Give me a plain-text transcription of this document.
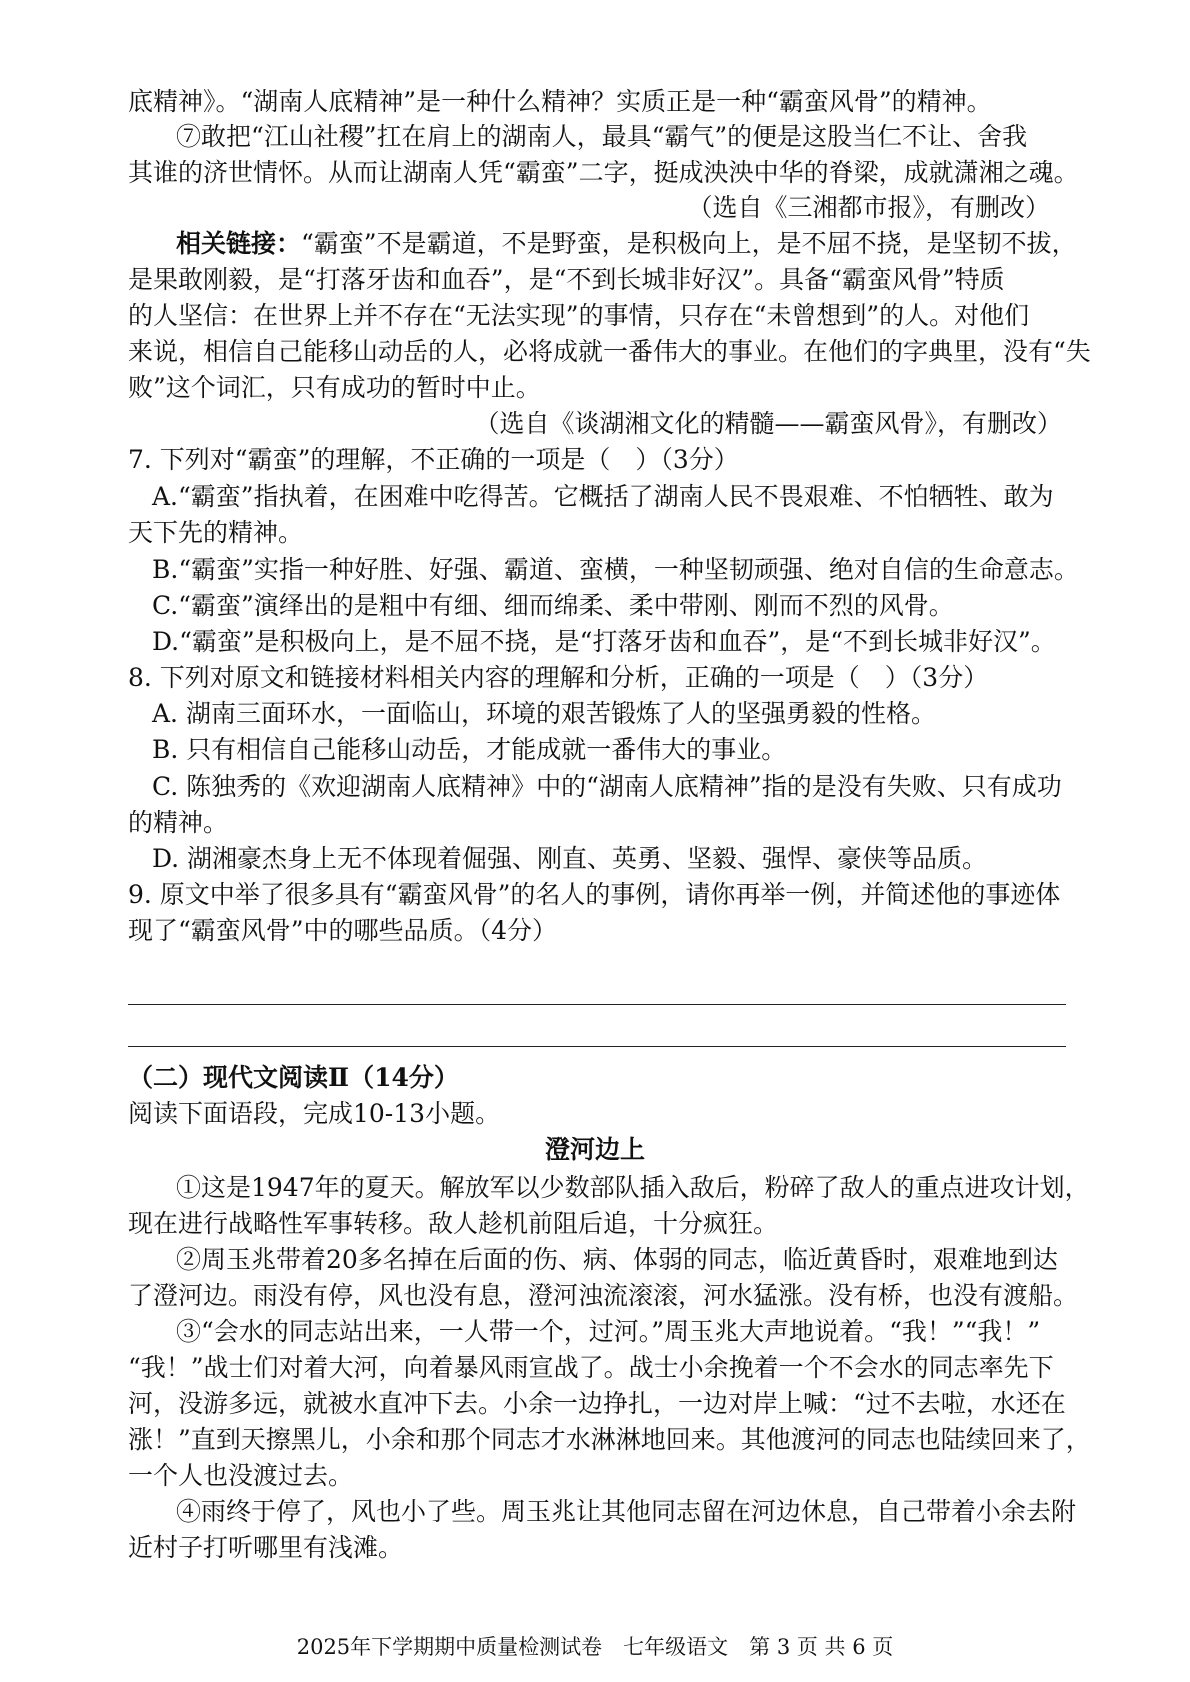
底精神》。“湖南人底精神”是一种什么精神？实质正是一种“霸蛮风骨”的精神。
⑦敢把“江山社稷”扛在肩上的湖南人，最具“霸气”的便是这股当仁不让、舍我
其谁的济世情怀。从而让湖南人凭“霸蛮”二字，挺成泱泱中华的脊梁，成就潇湘之魂。
（选自《三湘都市报》，有删改）
相关链接：“霸蛮”不是霸道，不是野蛮，是积极向上，是不屈不挠，是坚韧不拔，
是果敢刚毅，是“打落牙齿和血吞”，是“不到长城非好汉”。具备“霸蛮风骨”特质
的人坚信：在世界上并不存在“无法实现”的事情，只存在“未曾想到”的人。对他们
来说，相信自己能移山动岳的人，必将成就一番伟大的事业。在他们的字典里，没有“失
败”这个词汇，只有成功的暂时中止。
（选自《谈湖湘文化的精髓——霸蛮风骨》，有删改）
7. 下列对“霸蛮”的理解，不正确的一项是（　）（3分）
A.“霸蛮”指执着，在困难中吃得苦。它概括了湖南人民不畏艰难、不怕牺牲、敢为
天下先的精神。
B.“霸蛮”实指一种好胜、好强、霸道、蛮横，一种坚韧顽强、绝对自信的生命意志。
C.“霸蛮”演绎出的是粗中有细、细而绵柔、柔中带刚、刚而不烈的风骨。
D.“霸蛮”是积极向上，是不屈不挠，是“打落牙齿和血吞”，是“不到长城非好汉”。
8. 下列对原文和链接材料相关内容的理解和分析，正确的一项是（　）（3分）
A. 湖南三面环水，一面临山，环境的艰苦锻炼了人的坚强勇毅的性格。
B. 只有相信自己能移山动岳，才能成就一番伟大的事业。
C. 陈独秀的《欢迎湖南人底精神》中的“湖南人底精神”指的是没有失败、只有成功
的精神。
D. 湖湘豪杰身上无不体现着倔强、刚直、英勇、坚毅、强悍、豪侠等品质。
9. 原文中举了很多具有“霸蛮风骨”的名人的事例，请你再举一例，并简述他的事迹体
现了“霸蛮风骨”中的哪些品质。（4分）
（二）现代文阅读Ⅱ（14分）
阅读下面语段，完成10-13小题。
澄河边上
①这是1947年的夏天。解放军以少数部队插入敌后，粉碎了敌人的重点进攻计划，
现在进行战略性军事转移。敌人趁机前阻后追，十分疯狂。
②周玉兆带着20多名掉在后面的伤、病、体弱的同志，临近黄昏时，艰难地到达
了澄河边。雨没有停，风也没有息，澄河浊流滚滚，河水猛涨。没有桥，也没有渡船。
③“会水的同志站出来，一人带一个，过河。”周玉兆大声地说着。“我！”“我！”
“我！”战士们对着大河，向着暴风雨宣战了。战士小余挽着一个不会水的同志率先下
河，没游多远，就被水直冲下去。小余一边挣扎，一边对岸上喊：“过不去啦，水还在
涨！”直到天擦黑儿，小余和那个同志才水淋淋地回来。其他渡河的同志也陆续回来了，
一个人也没渡过去。
④雨终于停了，风也小了些。周玉兆让其他同志留在河边休息，自己带着小余去附
近村子打听哪里有浅滩。
2025年下学期期中质量检测试卷　七年级语文　第 3 页 共 6 页
